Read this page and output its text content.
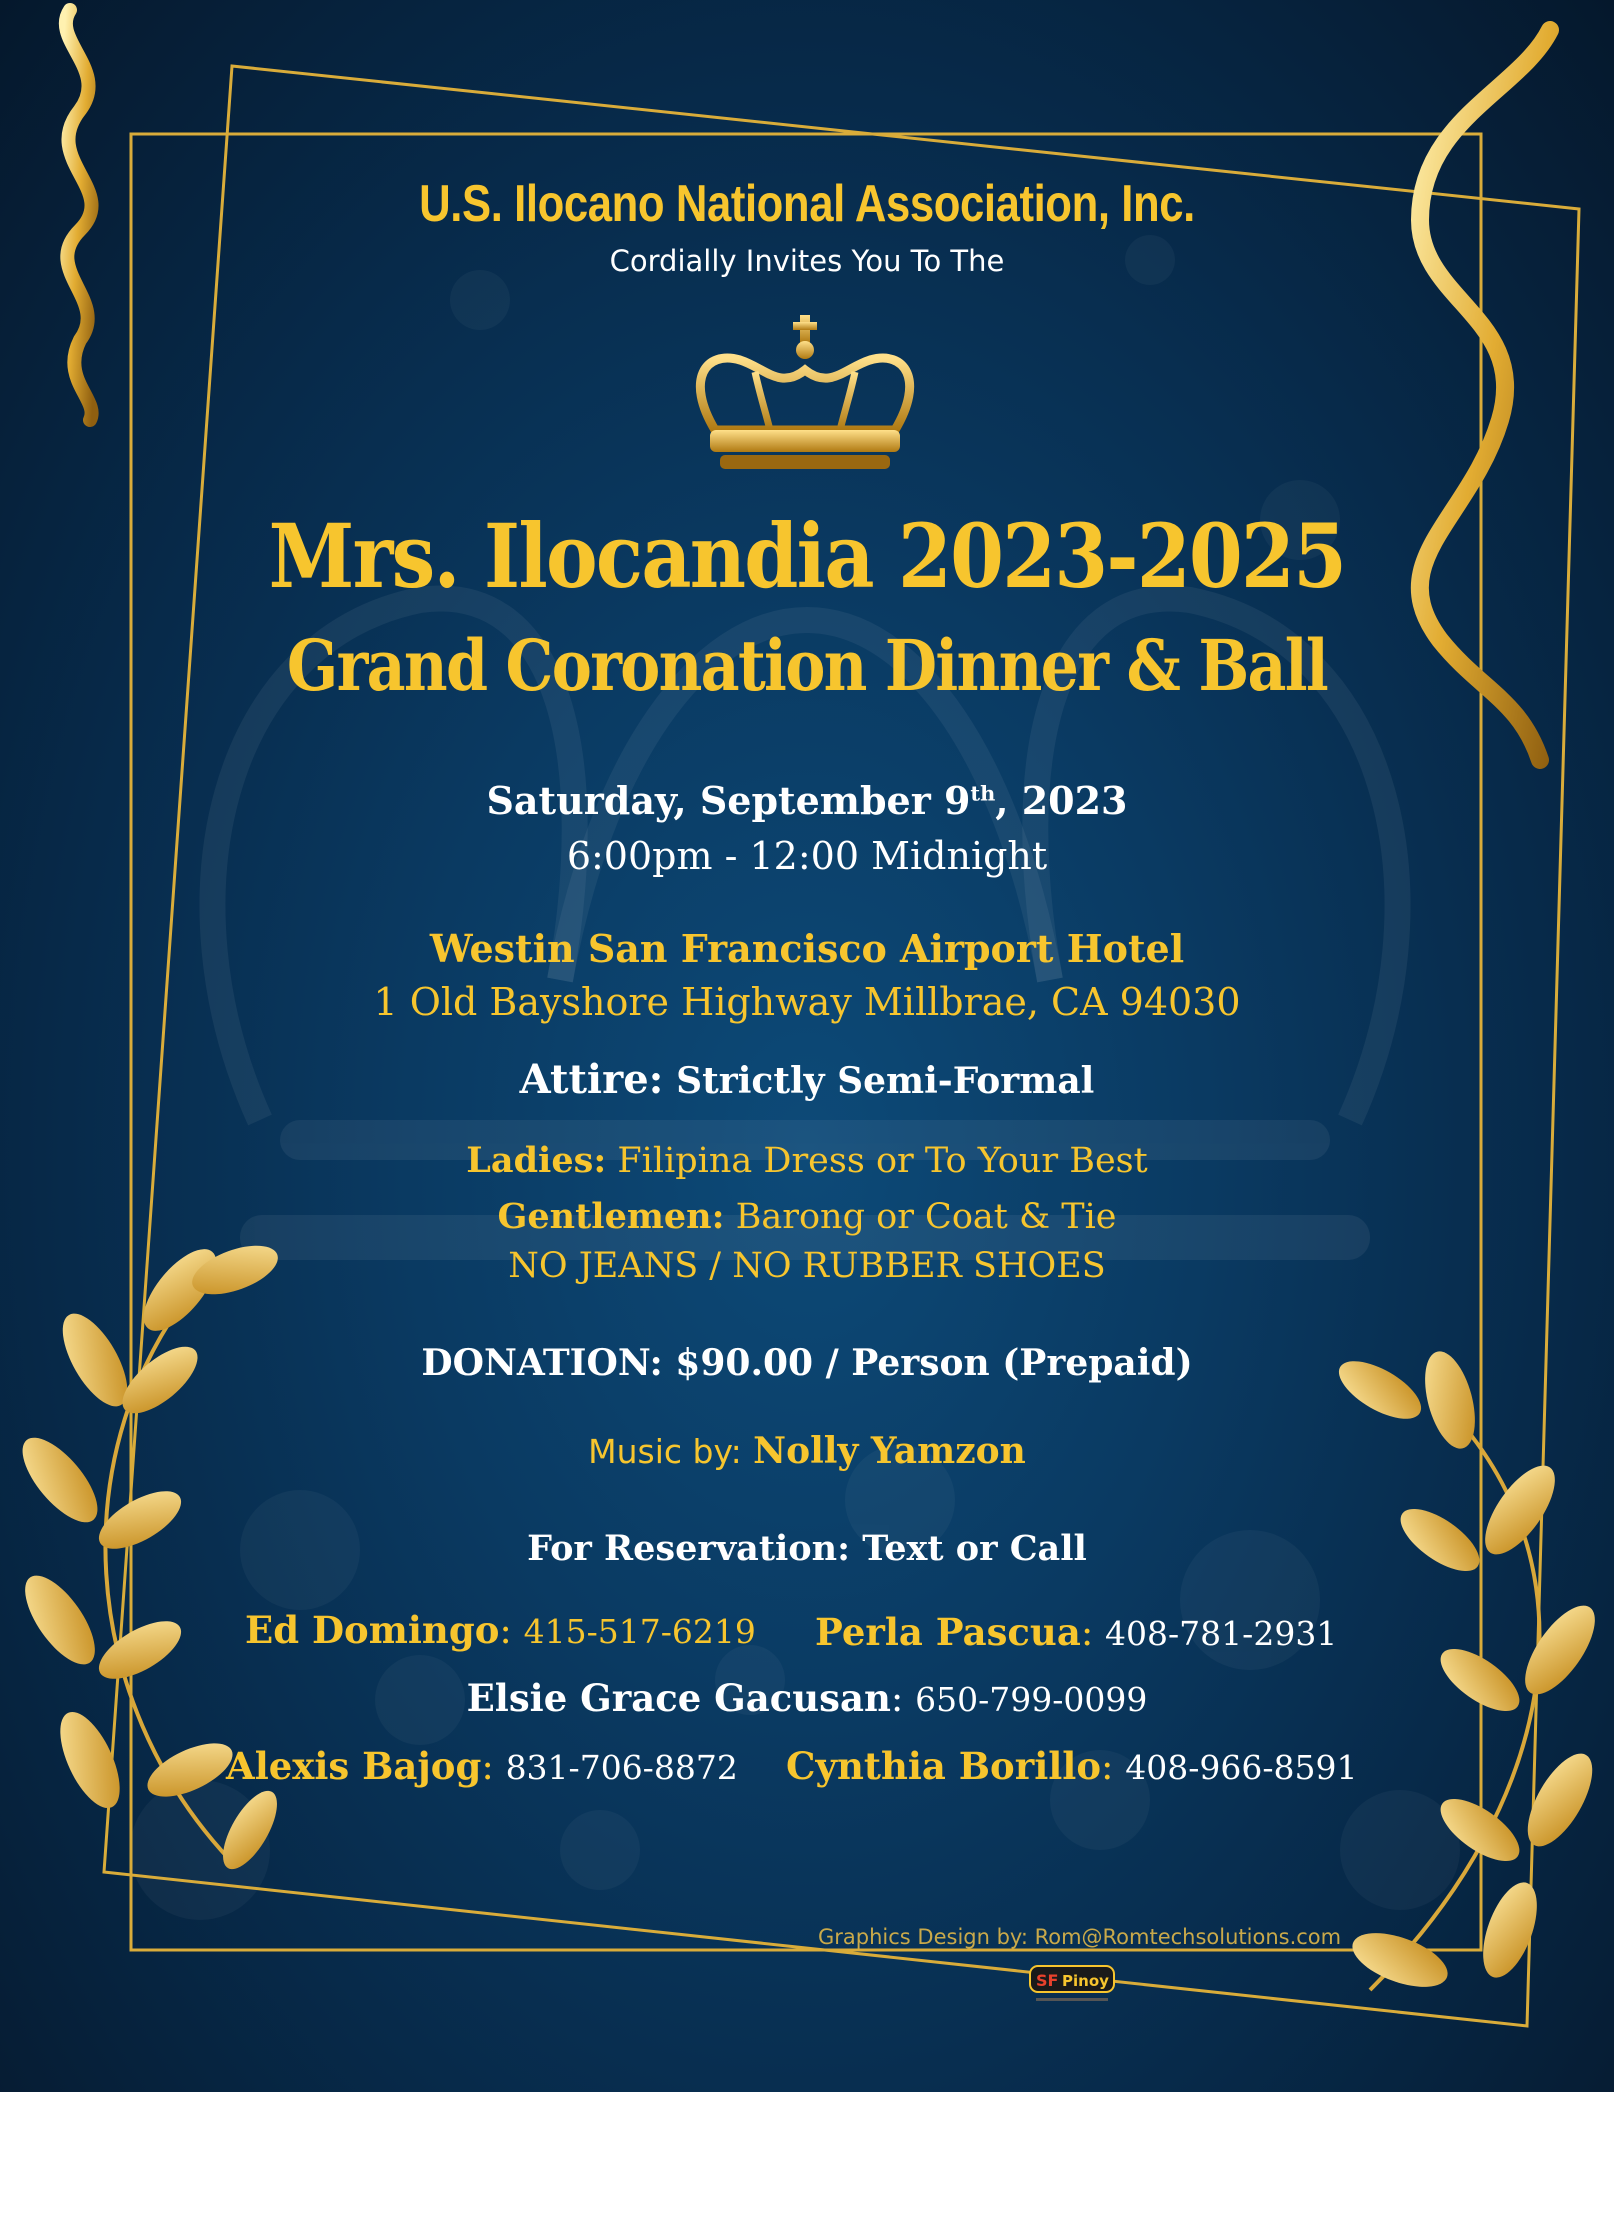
U.S. Ilocano National Association, Inc.
Cordially Invites You To The
Mrs. Ilocandia 2023-2025
Grand Coronation Dinner & Ball
Saturday, September 9th, 2023
6:00pm - 12:00 Midnight
Westin San Francisco Airport Hotel
1 Old Bayshore Highway Millbrae, CA 94030
Attire: Strictly Semi-Formal
Ladies: Filipina Dress or To Your Best
Gentlemen: Barong or Coat & Tie
NO JEANS / NO RUBBER SHOES
DONATION: $90.00 / Person (Prepaid)
Music by: Nolly Yamzon
For Reservation: Text or Call
Ed Domingo: 415-517-6219 Perla Pascua: 408-781-2931
Elsie Grace Gacusan: 650-799-0099
Alexis Bajog: 831-706-8872 Cynthia Borillo: 408-966-8591
Graphics Design by: Rom@Romtechsolutions.com
SF Pinoy
